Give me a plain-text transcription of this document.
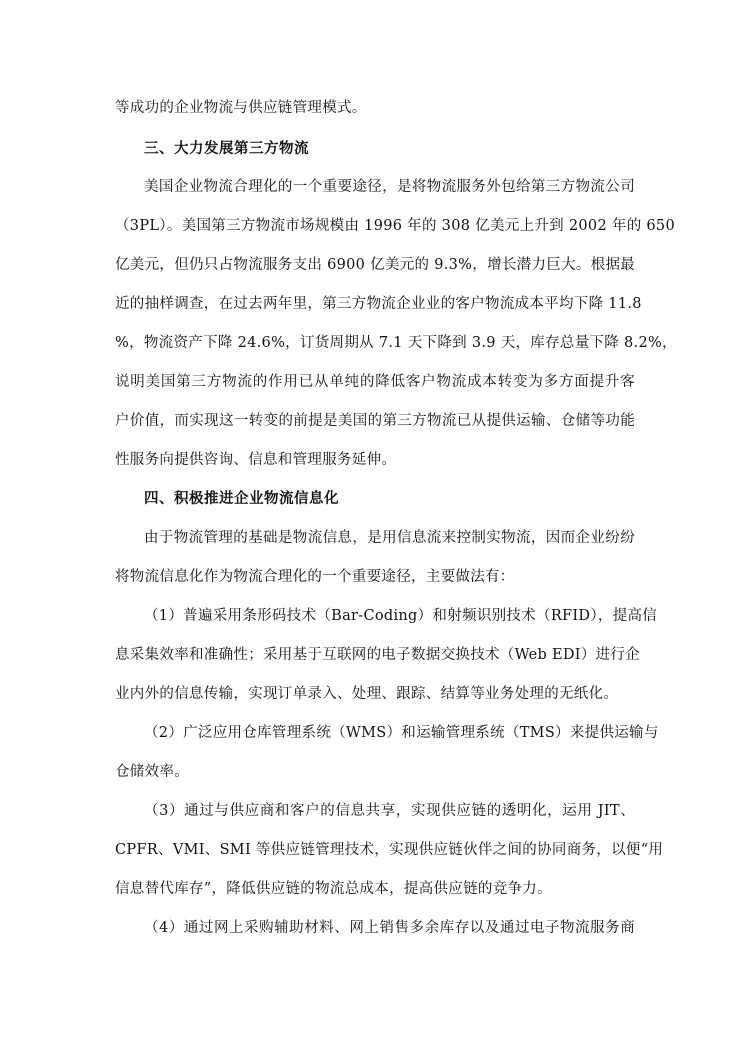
等成功的企业物流与供应链管理模式。
三、大力发展第三方物流
美国企业物流合理化的一个重要途径，是将物流服务外包给第三方物流公司
（3PL）。美国第三方物流市场规模由 1996 年的 308 亿美元上升到 2002 年的 650
亿美元，但仍只占物流服务支出 6900 亿美元的 9.3%，增长潜力巨大。根据最
近的抽样调查，在过去两年里，第三方物流企业业的客户物流成本平均下降 11.8
%，物流资产下降 24.6%，订货周期从 7.1 天下降到 3.9 天，库存总量下降 8.2%，
说明美国第三方物流的作用已从单纯的降低客户物流成本转变为多方面提升客
户价值，而实现这一转变的前提是美国的第三方物流已从提供运输、仓储等功能
性服务向提供咨询、信息和管理服务延伸。
四、积极推进企业物流信息化
由于物流管理的基础是物流信息，是用信息流来控制实物流，因而企业纷纷
将物流信息化作为物流合理化的一个重要途径，主要做法有：
（1）普遍采用条形码技术（Bar-Coding）和射频识别技术（RFID），提高信
息采集效率和准确性；采用基于互联网的电子数据交换技术（Web EDI）进行企
业内外的信息传输，实现订单录入、处理、跟踪、结算等业务处理的无纸化。
（2）广泛应用仓库管理系统（WMS）和运输管理系统（TMS）来提供运输与
仓储效率。
（3）通过与供应商和客户的信息共享，实现供应链的透明化，运用 JIT、
CPFR、VMI、SMI 等供应链管理技术，实现供应链伙伴之间的协同商务，以便“用
信息替代库存”，降低供应链的物流总成本，提高供应链的竞争力。
（4）通过网上采购辅助材料、网上销售多余库存以及通过电子物流服务商
